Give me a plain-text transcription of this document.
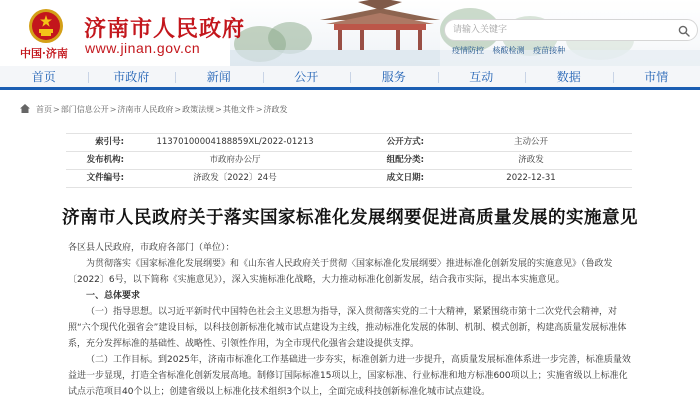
中国·济南
济南市人民政府
www.jinan.gov.cn
请输入关键字	疫情防控 核酸检测 疫苗接种
首页	市政府	新闻	公开	服务	互动	数据	市情
首页 > 部门信息公开 > 济南市人民政府 > 政策法规 > 其他文件 > 济政发
索引号:	11370100004188859XL/2022-01213	公开方式:	主动公开
发布机构:	市政府办公厅	组配分类:	济政发
文件编号:	济政发〔2022〕24号	成文日期:	2022-12-31
济南市人民政府关于落实国家标准化发展纲要促进高质量发展的实施意见

各区县人民政府，市政府各部门（单位）：

为贯彻落实《国家标准化发展纲要》和《山东省人民政府关于贯彻〈国家标准化发展纲要〉推进标准化创新发展的实施意见》（鲁政发〔2022〕6号，以下简称《实施意见》），深入实施标准化战略，大力推动标准化创新发展，结合我市实际，提出本实施意见。

一、总体要求

（一）指导思想。以习近平新时代中国特色社会主义思想为指导，深入贯彻落实党的二十大精神，紧紧围绕市第十二次党代会精神，对照“六个现代化强省会”建设目标，以科技创新标准化城市试点建设为主线，推动标准化发展的体制、机制、模式创新，构建高质量发展标准体系，充分发挥标准的基础性、战略性、引领性作用，为全市现代化强省会建设提供支撑。

（二）工作目标。到2025年，济南市标准化工作基础进一步夯实，标准创新力进一步提升，高质量发展标准体系进一步完善，标准质量效益进一步显现，打造全省标准化创新发展高地。制修订国际标准15项以上，国家标准、行业标准和地方标准600项以上；实施省级以上标准化试点示范项目40个以上；创建省级以上标准化技术组织3个以上，全面完成科技创新标准化城市试点建设。
